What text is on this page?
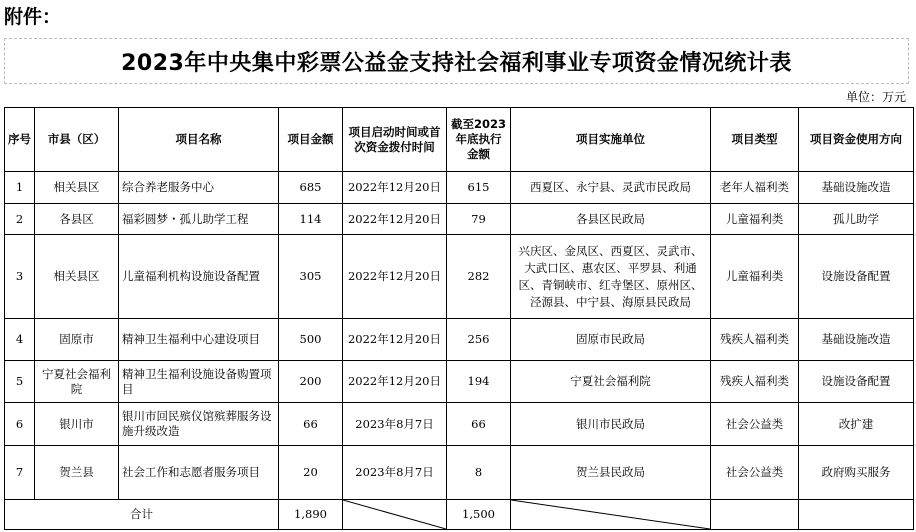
附件：
2023年中央集中彩票公益金支持社会福利事业专项资金情况统计表
单位：万元
序号	市县（区）	项目名称	项目金额	项目启动时间或首次资金拨付时间	截至2023年底执行金额	项目实施单位	项目类型	项目资金使用方向
1	相关县区	综合养老服务中心	685	2022年12月20日	615	西夏区、永宁县、灵武市民政局	老年人福利类	基础设施改造
2	各县区	福彩圆梦・孤儿助学工程	114	2022年12月20日	79	各县区民政局	儿童福利类	孤儿助学
3	相关县区	儿童福利机构设施设备配置	305	2022年12月20日	282	兴庆区、金凤区、西夏区、灵武市、大武口区、惠农区、平罗县、利通区、青铜峡市、红寺堡区、原州区、泾源县、中宁县、海原县民政局	儿童福利类	设施设备配置
4	固原市	精神卫生福利中心建设项目	500	2022年12月20日	256	固原市民政局	残疾人福利类	基础设施改造
5	宁夏社会福利院	精神卫生福利设施设备购置项目	200	2022年12月20日	194	宁夏社会福利院	残疾人福利类	设施设备配置
6	银川市	银川市回民殡仪馆殡葬服务设施升级改造	66	2023年8月7日	66	银川市民政局	社会公益类	改扩建
7	贺兰县	社会工作和志愿者服务项目	20	2023年8月7日	8	贺兰县民政局	社会公益类	政府购买服务
合计			1,890		1,500	
